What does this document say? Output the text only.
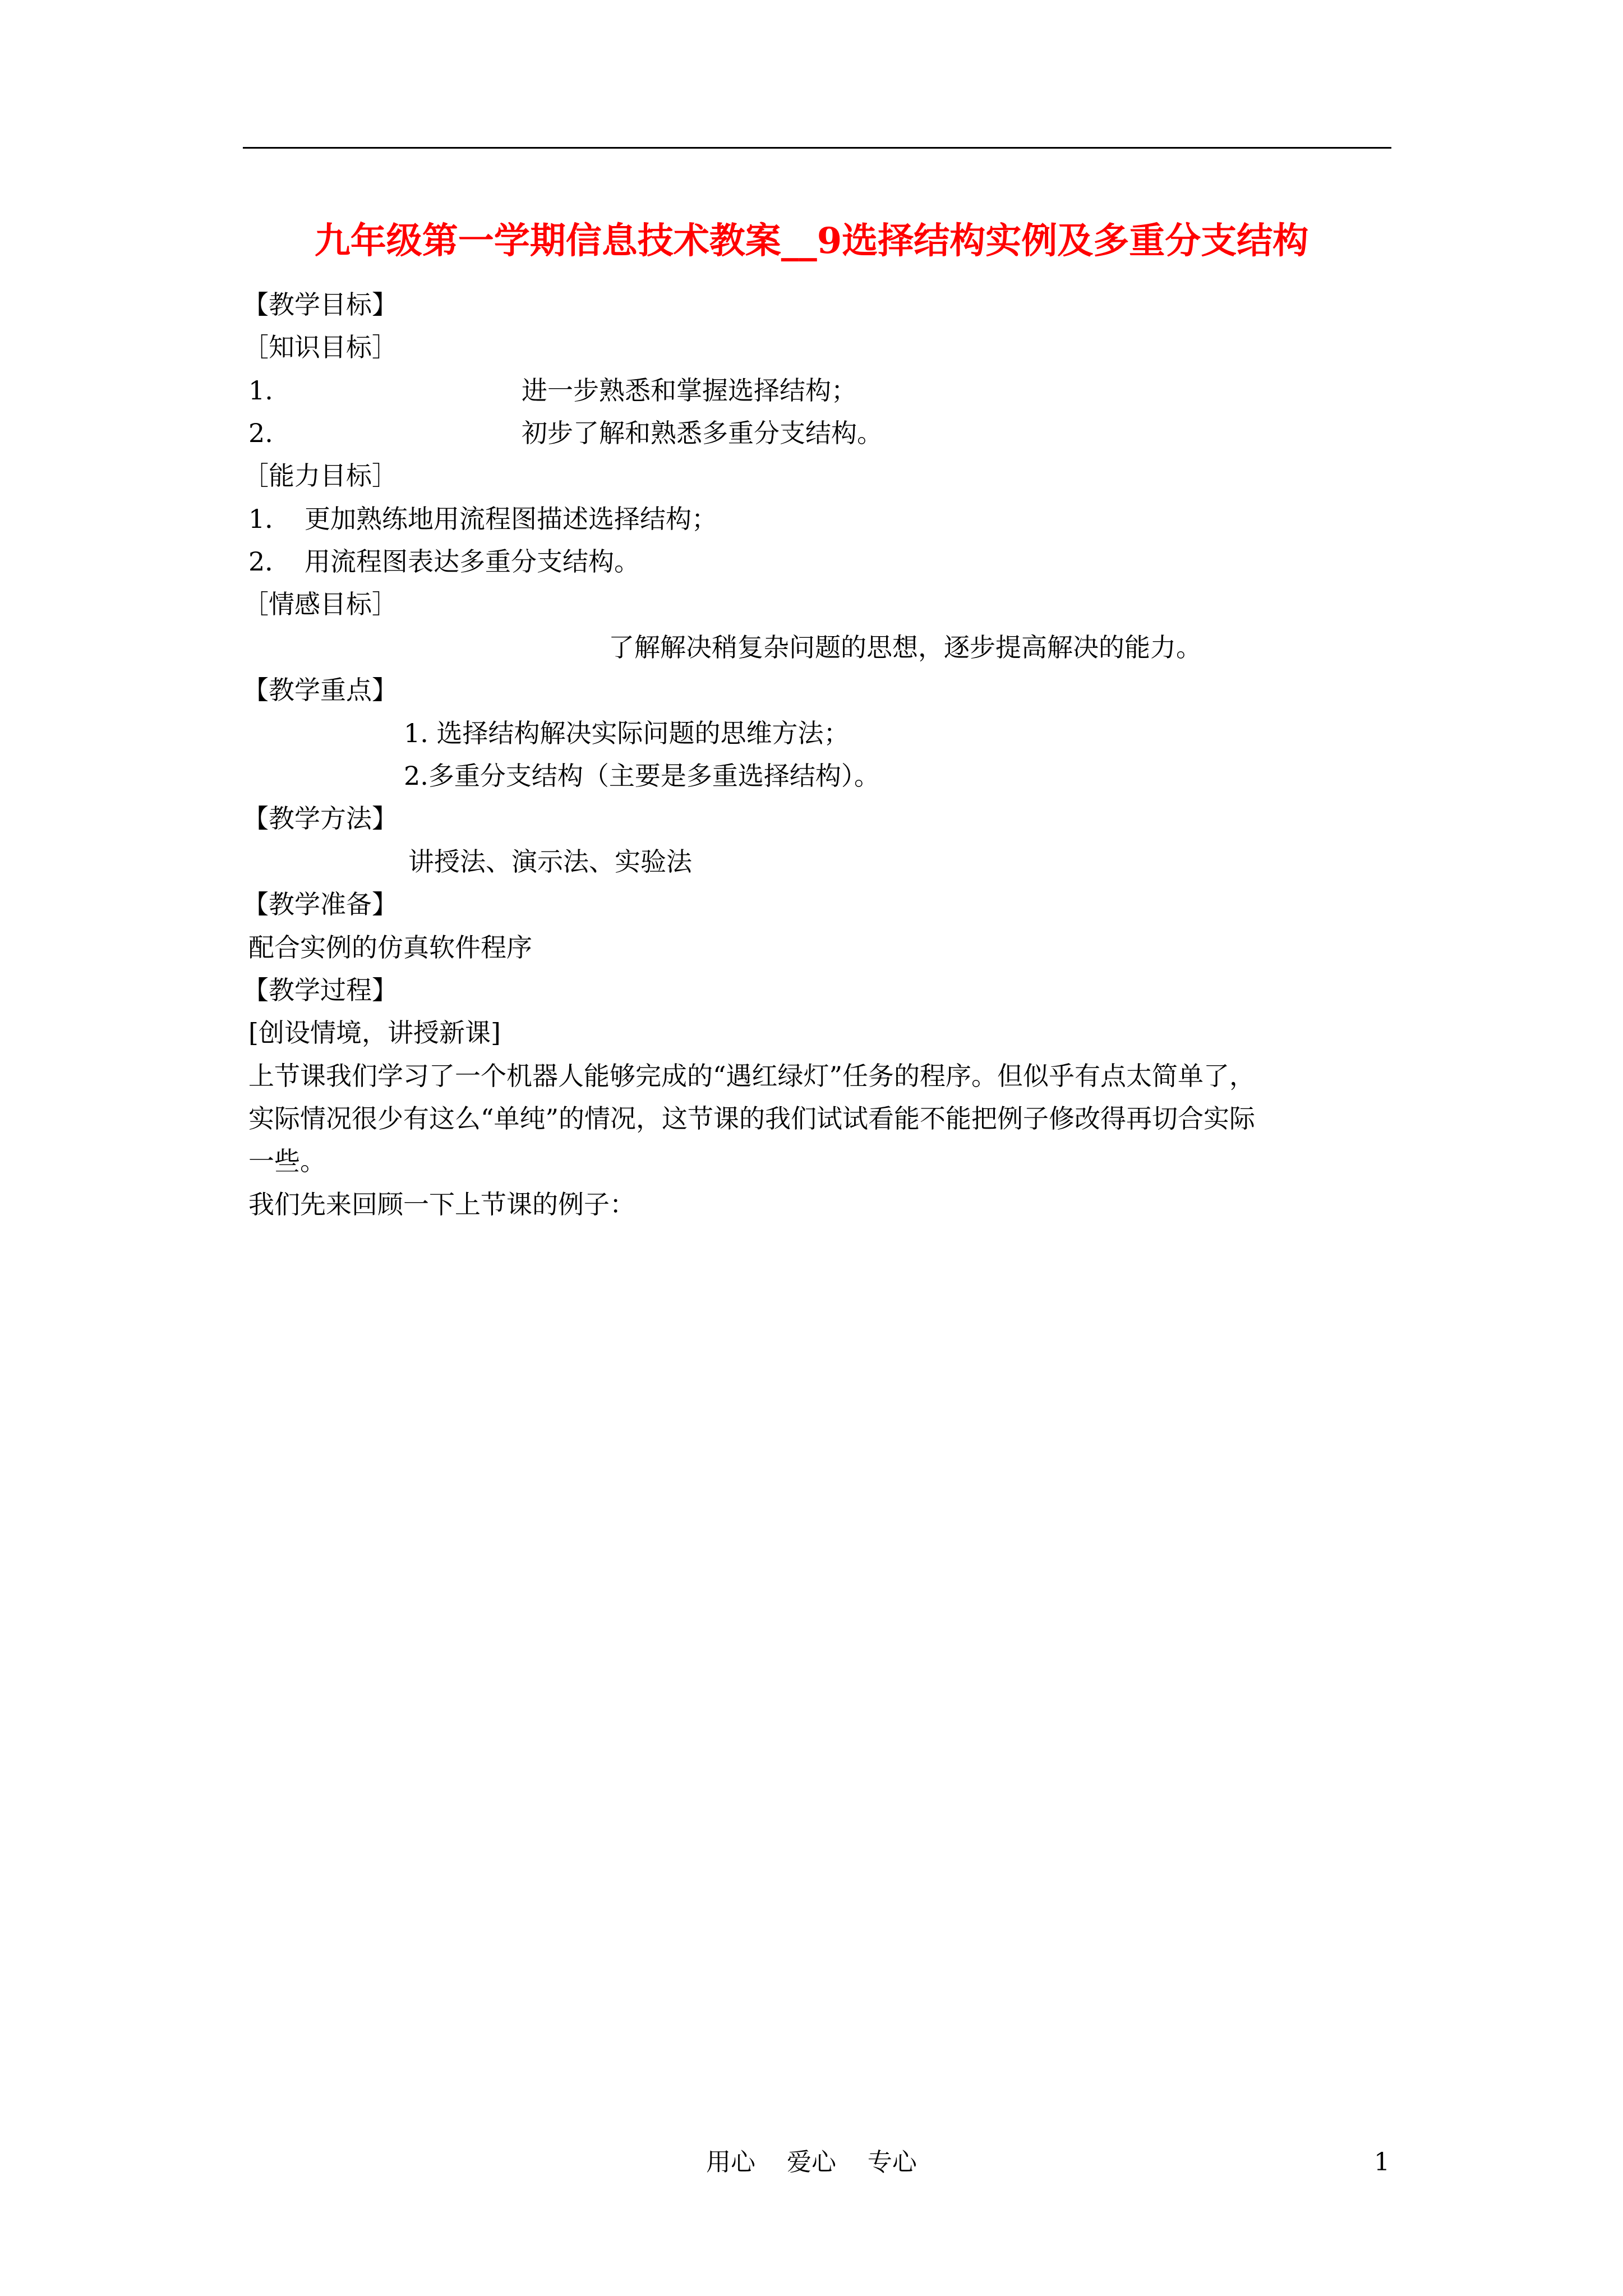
九年级第一学期信息技术教案__9选择结构实例及多重分支结构
【教学目标】
［知识目标］
1.	进一步熟悉和掌握选择结构；
2.	初步了解和熟悉多重分支结构。
［能力目标］
1． 更加熟练地用流程图描述选择结构；
2． 用流程图表达多重分支结构。
［情感目标］
了解解决稍复杂问题的思想，逐步提高解决的能力。
【教学重点】
1. 选择结构解决实际问题的思维方法；
2.多重分支结构（主要是多重选择结构）。
【教学方法】
讲授法、演示法、实验法
【教学准备】
配合实例的仿真软件程序
【教学过程】
[创设情境，讲授新课]
上节课我们学习了一个机器人能够完成的“遇红绿灯”任务的程序。但似乎有点太简单了，
实际情况很少有这么“单纯”的情况，这节课的我们试试看能不能把例子修改得再切合实际
一些。
我们先来回顾一下上节课的例子：
用心    爱心    专心	1
